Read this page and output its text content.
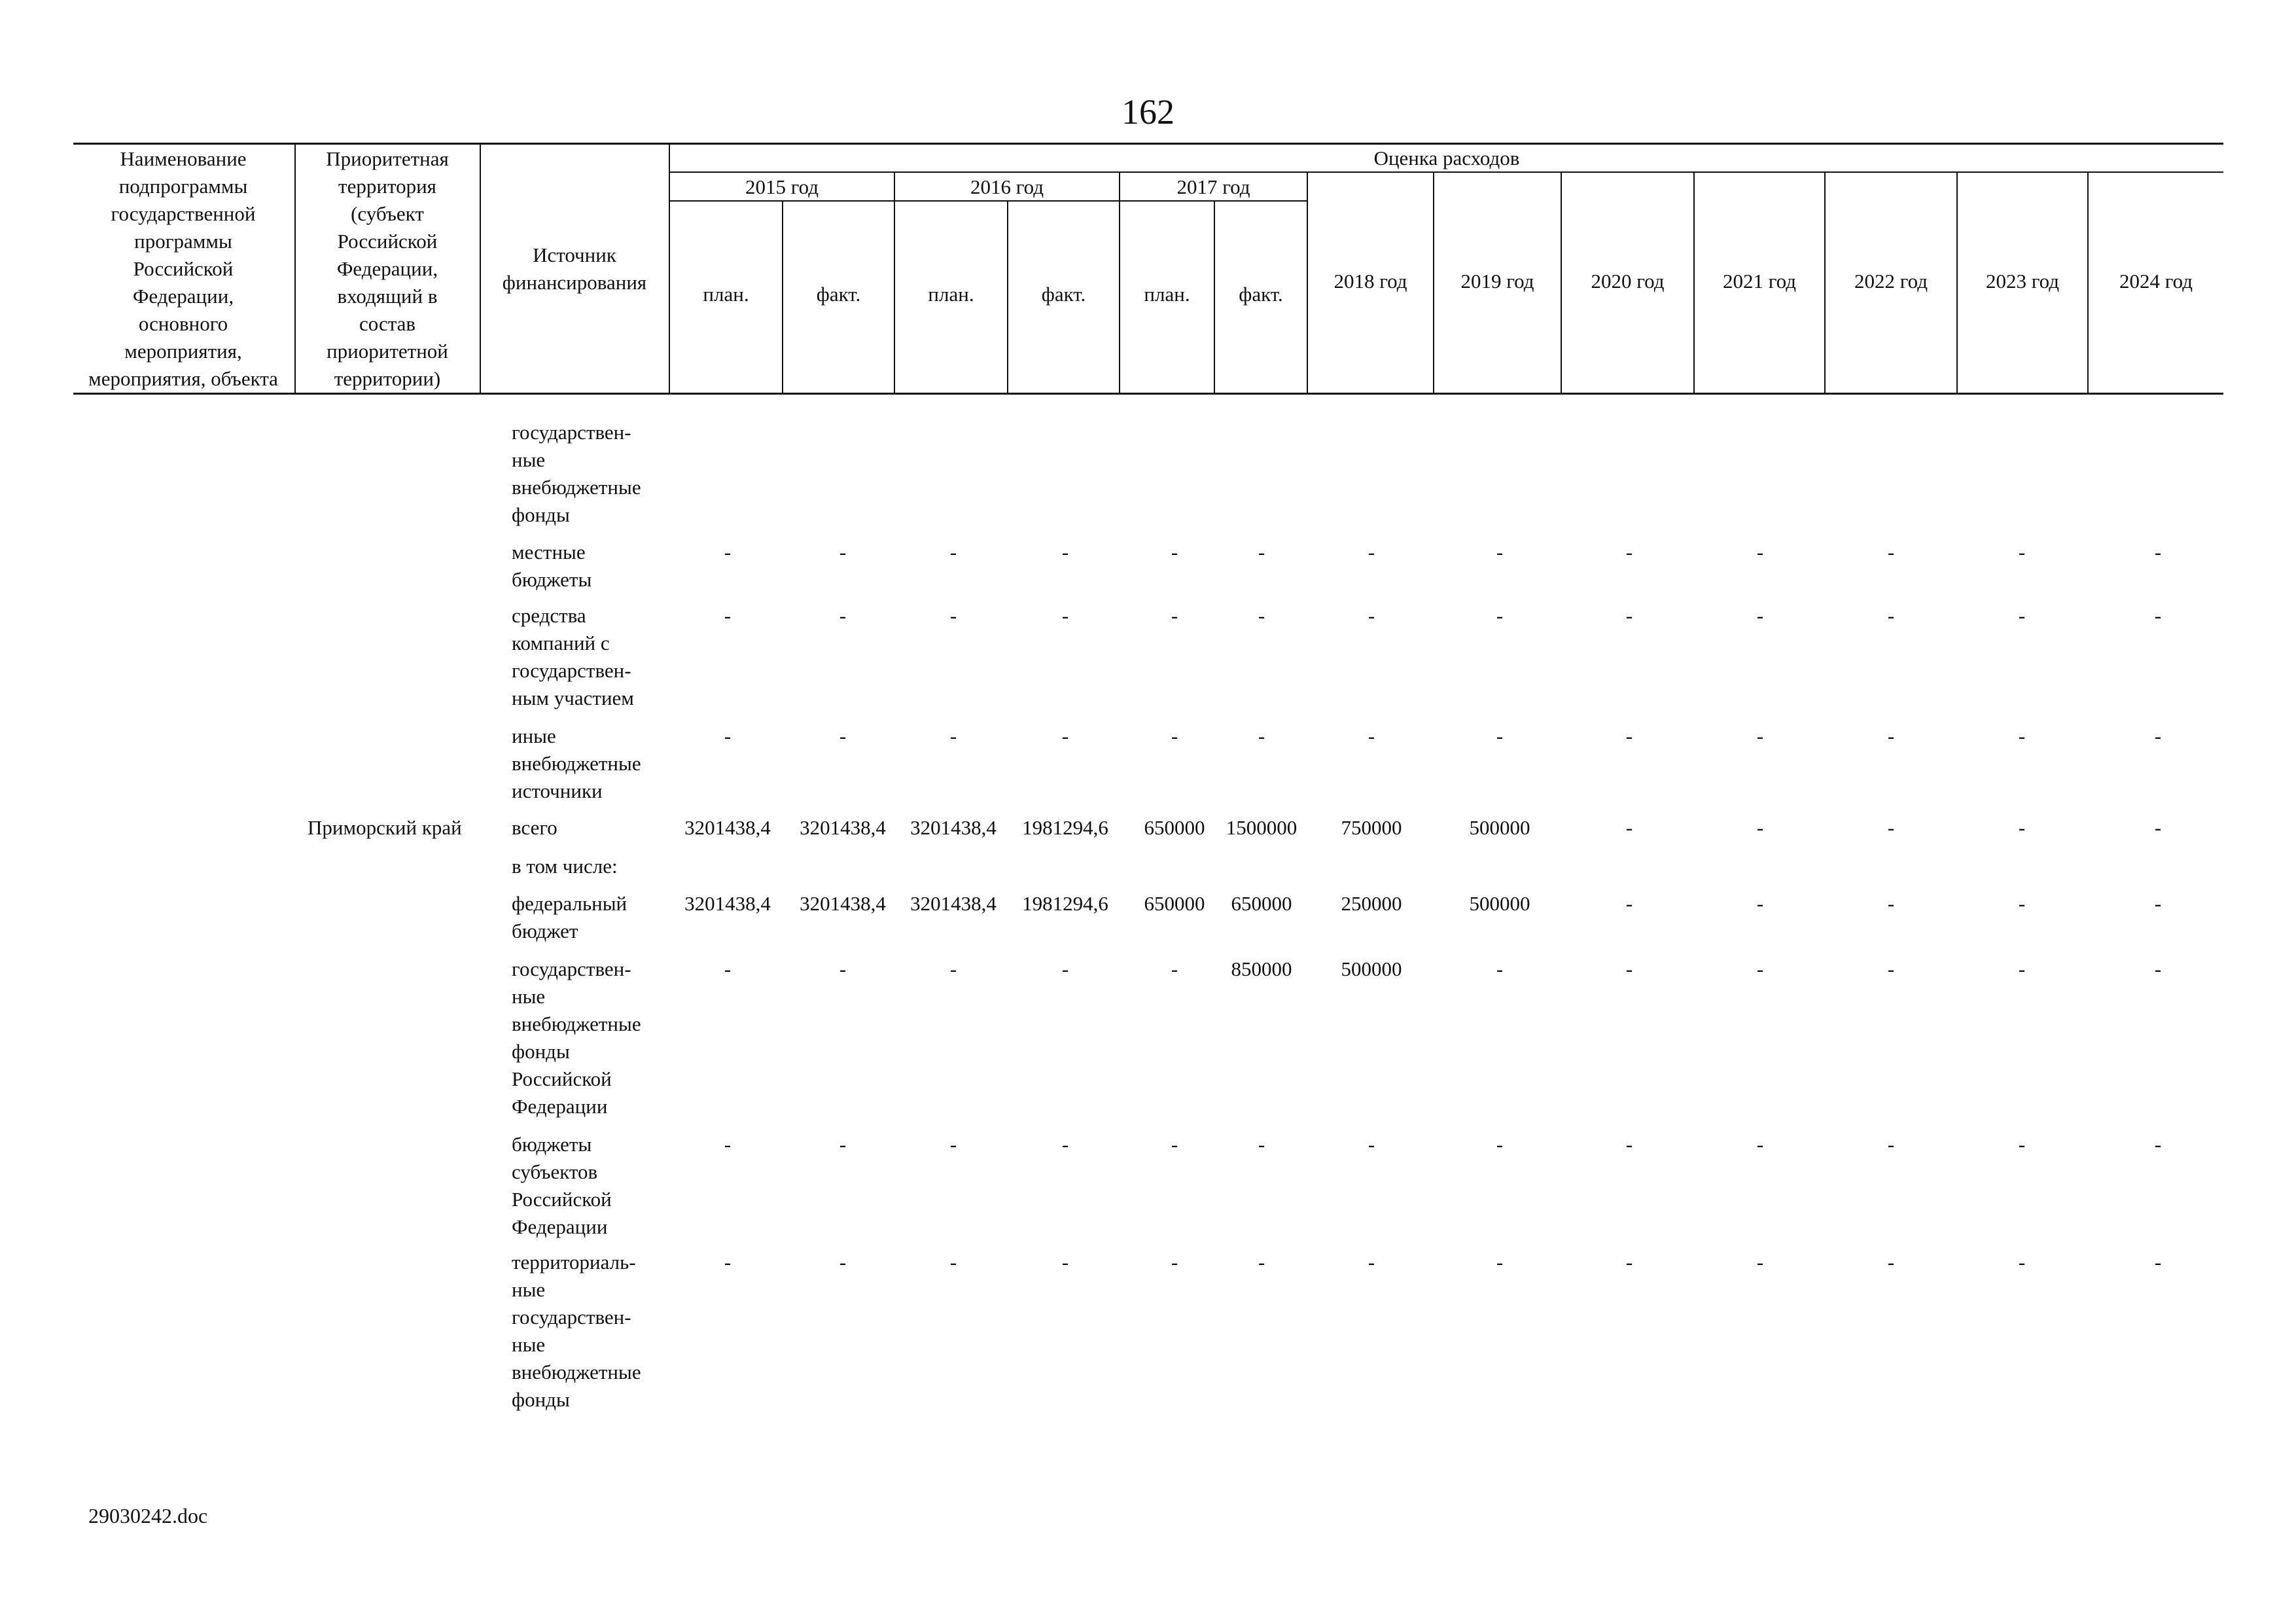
162
Наименование
подпрограммы
государственной
программы
Российской
Федерации,
основного
мероприятия,
мероприятия, объекта
Приоритетная
территория
(субъект
Российской
Федерации,
входящий в
состав
приоритетной
территории)
Источник
финансирования
Оценка расходов
2015 год	2016 год	2017 год
план.	факт.	план.	факт.	план.	факт.
2018 год	2019 год	2020 год	2021 год	2022 год	2023 год	2024 год
государствен-
ные
внебюджетные
фонды
местные
бюджеты
-	-	-	-	-	-	-	-	-	-	-	-	-
средства
компаний с
государствен-
ным участием
-	-	-	-	-	-	-	-	-	-	-	-	-
иные
внебюджетные
источники
-	-	-	-	-	-	-	-	-	-	-	-	-
Приморский край	всего	3201438,4	3201438,4	3201438,4	1981294,6	650000	1500000	750000	500000	-	-	-	-	-
в том числе:
федеральный
бюджет
3201438,4	3201438,4	3201438,4	1981294,6	650000	650000	250000	500000	-	-	-	-	-
государствен-
ные
внебюджетные
фонды
Российской
Федерации
-	-	-	-	-	850000	500000	-	-	-	-	-	-
бюджеты
субъектов
Российской
Федерации
-	-	-	-	-	-	-	-	-	-	-	-	-
территориаль-
ные
государствен-
ные
внебюджетные
фонды
-	-	-	-	-	-	-	-	-	-	-	-	-
29030242.doc
